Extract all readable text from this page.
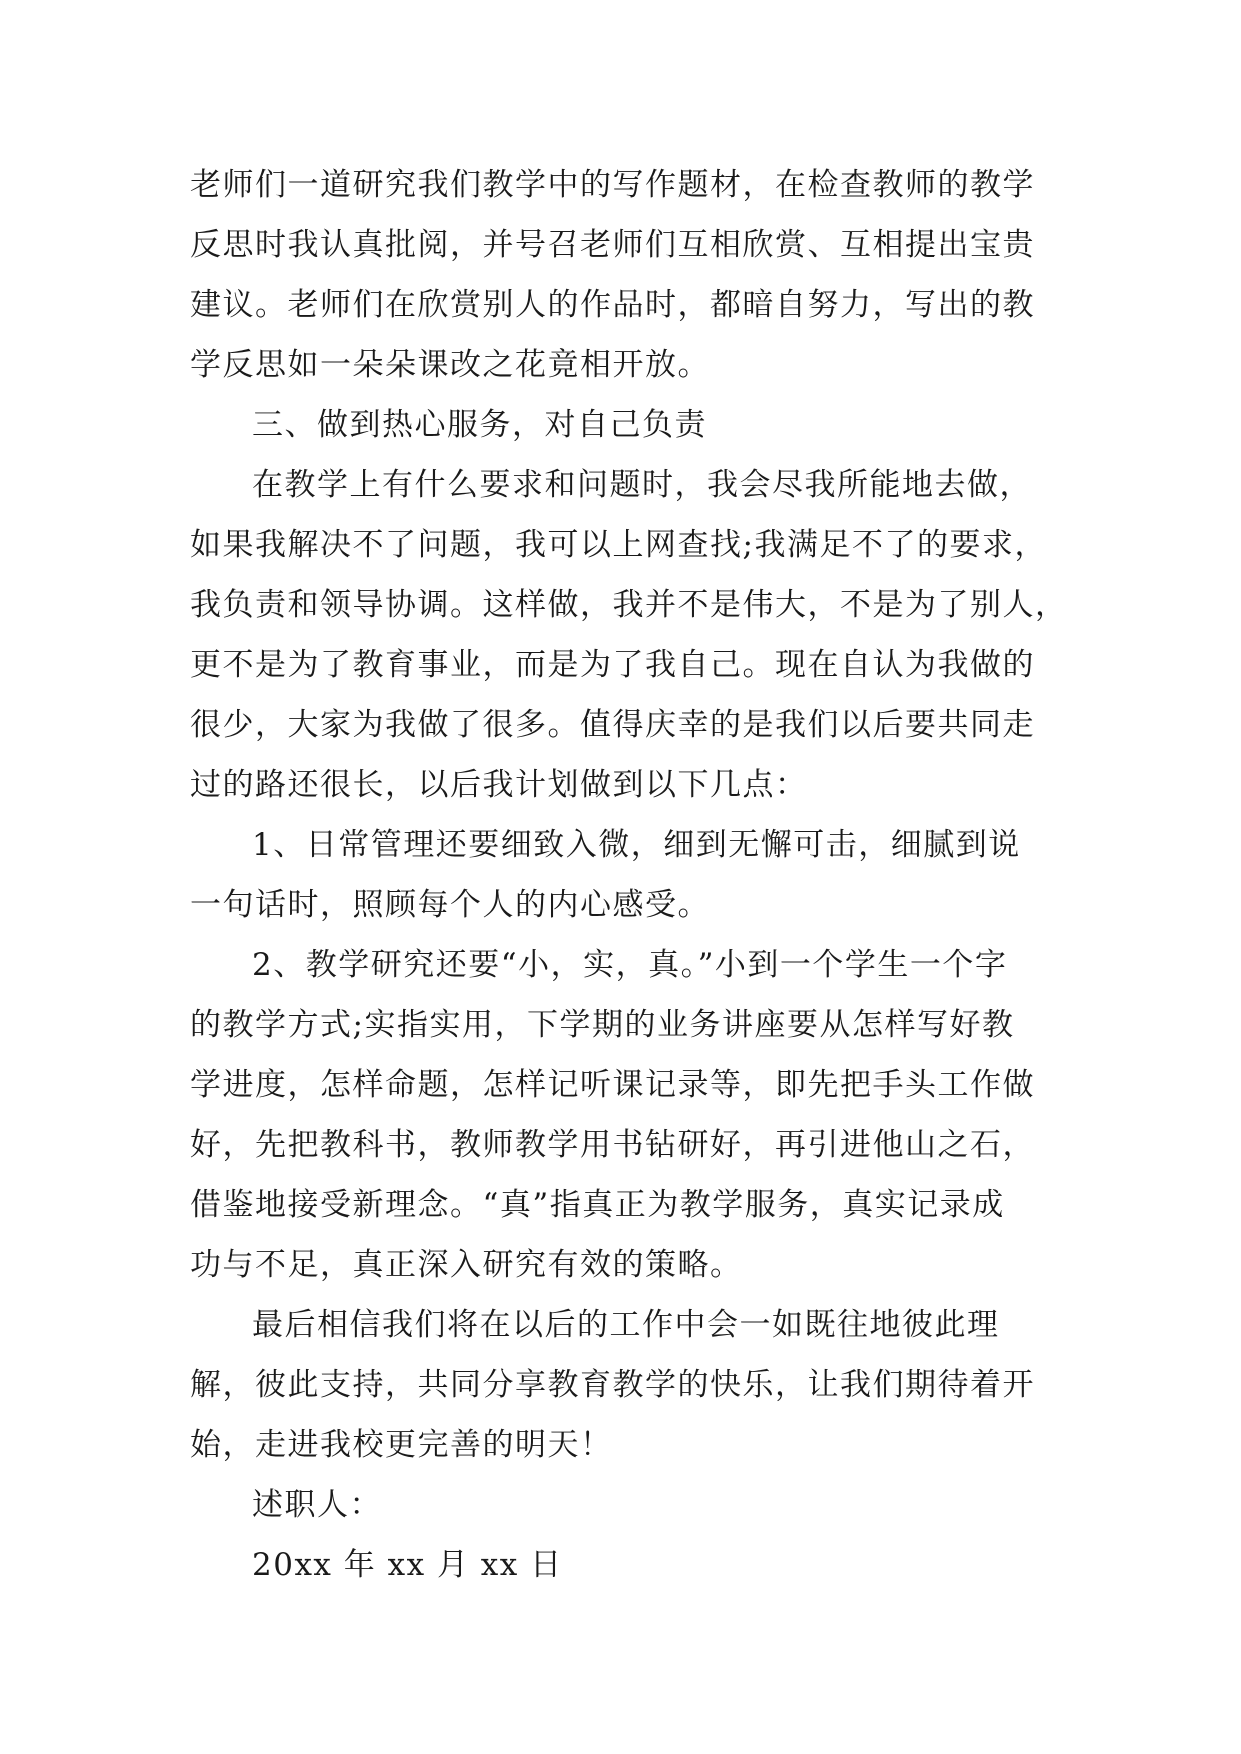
老师们一道研究我们教学中的写作题材，在检查教师的教学
反思时我认真批阅，并号召老师们互相欣赏、互相提出宝贵
建议。老师们在欣赏别人的作品时，都暗自努力，写出的教
学反思如一朵朵课改之花竟相开放。
三、做到热心服务，对自己负责
在教学上有什么要求和问题时，我会尽我所能地去做，
如果我解决不了问题，我可以上网查找;我满足不了的要求，
我负责和领导协调。这样做，我并不是伟大，不是为了别人，
更不是为了教育事业，而是为了我自己。现在自认为我做的
很少，大家为我做了很多。值得庆幸的是我们以后要共同走
过的路还很长，以后我计划做到以下几点：
1、日常管理还要细致入微，细到无懈可击，细腻到说
一句话时，照顾每个人的内心感受。
2、教学研究还要“小，实，真。”小到一个学生一个字
的教学方式;实指实用，下学期的业务讲座要从怎样写好教
学进度，怎样命题，怎样记听课记录等，即先把手头工作做
好，先把教科书，教师教学用书钻研好，再引进他山之石，
借鉴地接受新理念。“真”指真正为教学服务，真实记录成
功与不足，真正深入研究有效的策略。
最后相信我们将在以后的工作中会一如既往地彼此理
解，彼此支持，共同分享教育教学的快乐，让我们期待着开
始，走进我校更完善的明天！
述职人：
20xx 年 xx 月 xx 日
